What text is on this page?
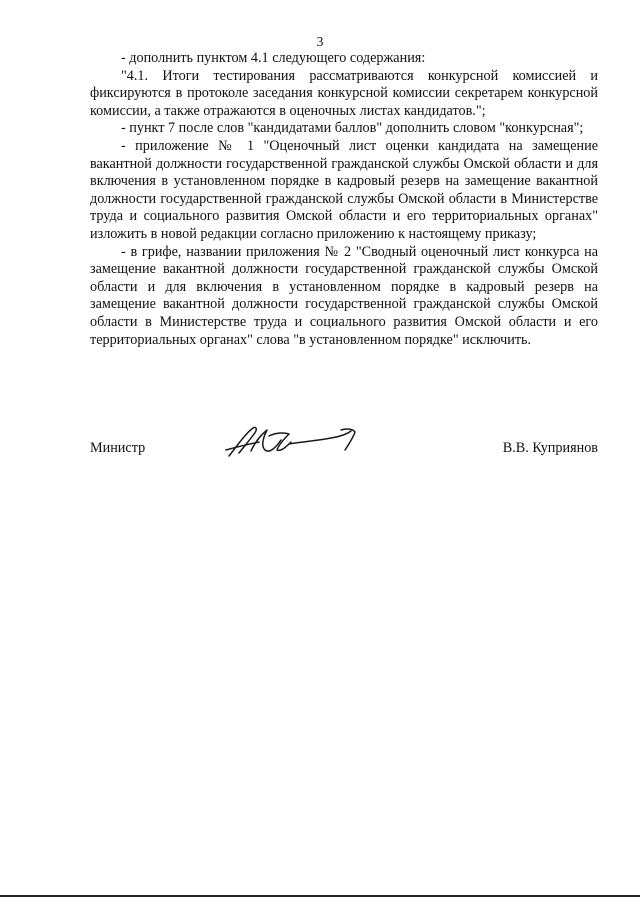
3

- дополнить пунктом 4.1 следующего содержания:

"4.1. Итоги тестирования рассматриваются конкурсной комиссией и фиксируются в протоколе заседания конкурсной комиссии секретарем конкурсной комиссии, а также отражаются в оценочных листах кандидатов.";

- пункт 7 после слов "кандидатами баллов" дополнить словом "конкурсная";

- приложение № 1 "Оценочный лист оценки кандидата на замещение вакантной должности государственной гражданской службы Омской области и для включения в установленном порядке в кадровый резерв на замещение вакантной должности государственной гражданской службы Омской области в Министерстве труда и социального развития Омской области и его территориальных органах" изложить в новой редакции согласно приложению к настоящему приказу;

- в грифе, названии приложения № 2 "Сводный оценочный лист конкурса на замещение вакантной должности государственной гражданской службы Омской области и для включения в установленном порядке в кадровый резерв на замещение вакантной должности государственной гражданской службы Омской области в Министерстве труда и социального развития Омской области и его территориальных органах" слова "в установленном порядке" исключить.

Министр	В.В. Куприянов
